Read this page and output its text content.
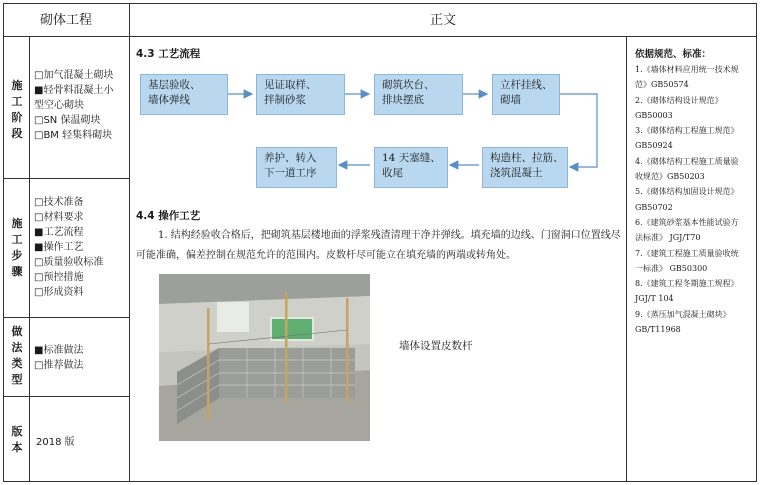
砌体工程	正文
施工阶段
□加气混凝土砌块
■轻骨料混凝土小
型空心砌块
□SN 保温砌块
□BM 轻集料砌块
施工步骤
□技术准备
□材料要求
■工艺流程
■操作工艺
□质量验收标准
□预控措施
□形成资料
做法类型
■标准做法
□推荐做法
版本 2018 版
4.3 工艺流程
基层验收、
墙体弹线
见证取样、
拌制砂浆
砌筑坎台、
排块摆底
立杆挂线、
砌墙
构造柱、拉筋、
浇筑混凝土
14 天塞缝、
收尾
养护、转入
下一道工序
4.4 操作工艺
1. 结构经验收合格后，把砌筑基层楼地面的浮浆残渣清理干净并弹线。填充墙的边线、门窗洞口位置线尽可能准确，偏差控制在规范允许的范围内。皮数杆尽可能立在填充墙的两端或转角处。
墙体设置皮数杆
依据规范、标准：
1.《墙体材料应用统一技术规
范》GB50574
2.《砌体结构设计规范》
GB50003
3.《砌体结构工程施工规范》
GB50924
4.《砌体结构工程施工质量验
收规范》GB50203
5.《砌体结构加固设计规范》
GB50702
6.《建筑砂浆基本性能试验方
法标准》 JGJ/T70
7.《建筑工程施工质量验收统
一标准》 GB50300
8.《建筑工程冬期施工规程》
JGJ/T 104
9.《蒸压加气混凝土砌块》
GB/T11968
